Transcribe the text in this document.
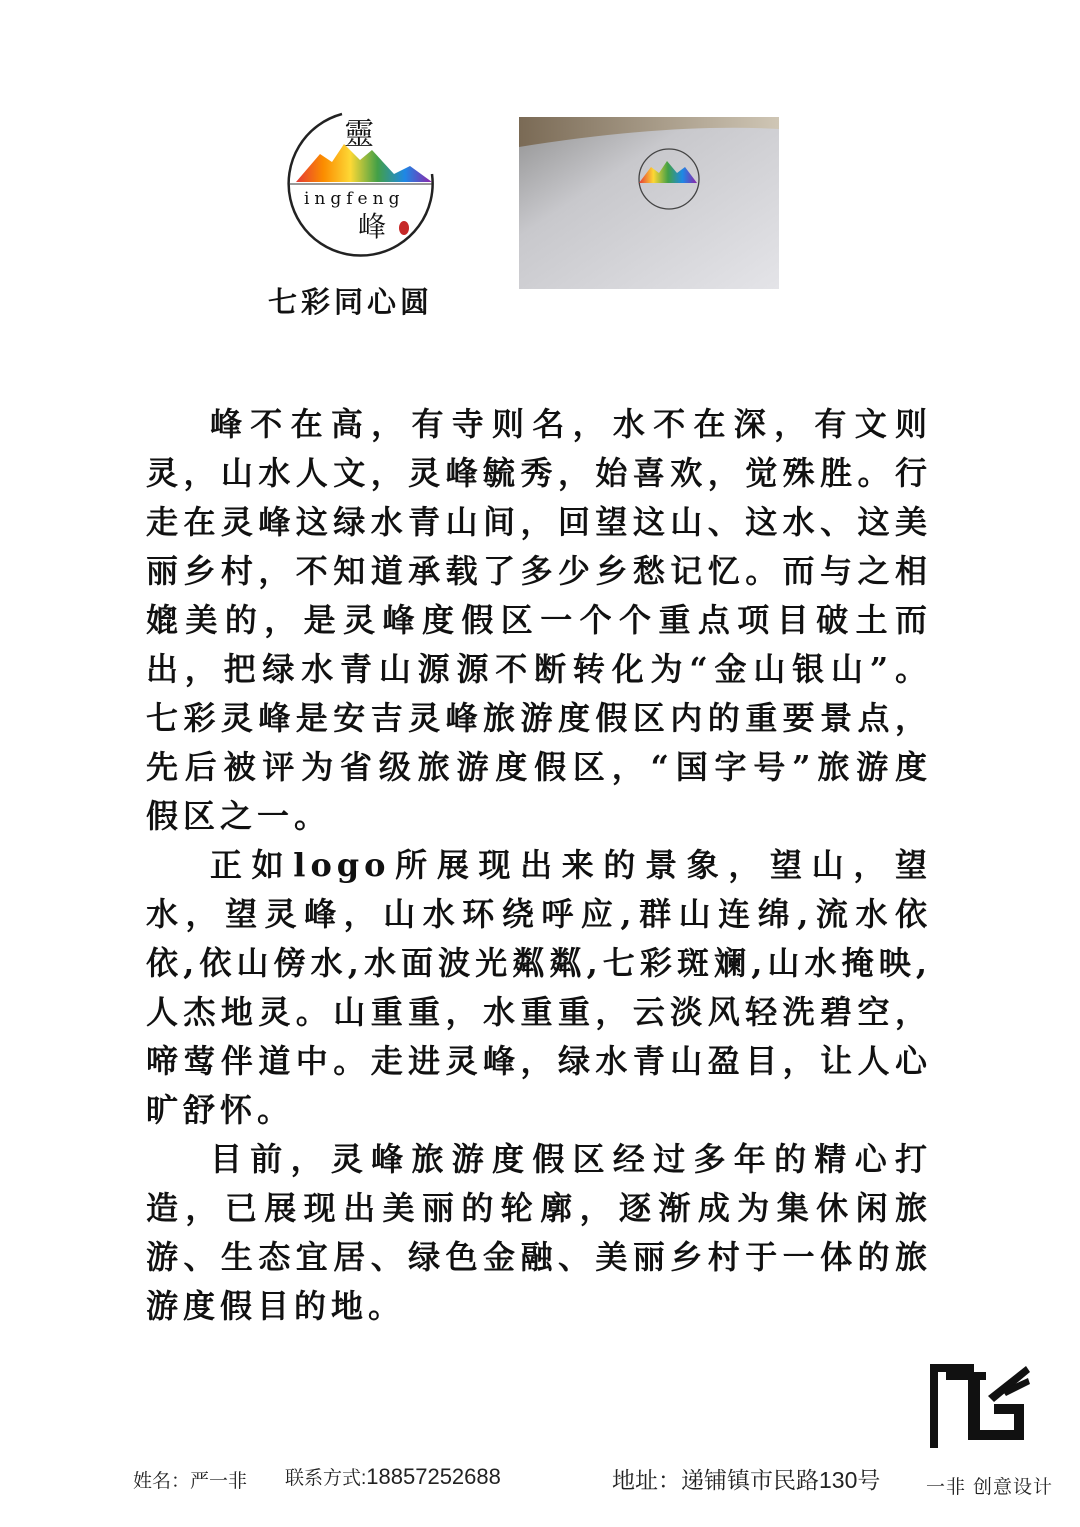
靈
ingfeng
峰
七彩同心圆

峰不在高，有寺则名，水不在深，有文则灵，山水人文，灵峰毓秀，始喜欢，觉殊胜。行走在灵峰这绿水青山间，回望这山、这水、这美丽乡村，不知道承载了多少乡愁记忆。而与之相媲美的，是灵峰度假区一个个重点项目破土而出，把绿水青山源源不断转化为“金山银山”。七彩灵峰是安吉灵峰旅游度假区内的重要景点，先后被评为省级旅游度假区，“国字号”旅游度假区之一。

正如logo所展现出来的景象，望山，望水，望灵峰，山水环绕呼应,群山连绵,流水依依,依山傍水,水面波光粼粼,七彩斑斓,山水掩映,人杰地灵。山重重，水重重，云淡风轻洗碧空，啼莺伴道中。走进灵峰，绿水青山盈目，让人心旷舒怀。

目前，灵峰旅游度假区经过多年的精心打造，已展现出美丽的轮廓，逐渐成为集休闲旅游、生态宜居、绿色金融、美丽乡村于一体的旅游度假目的地。

姓名：严一非 联系方式:18857252688	地址：递铺镇市民路130号 一非 创意设计
